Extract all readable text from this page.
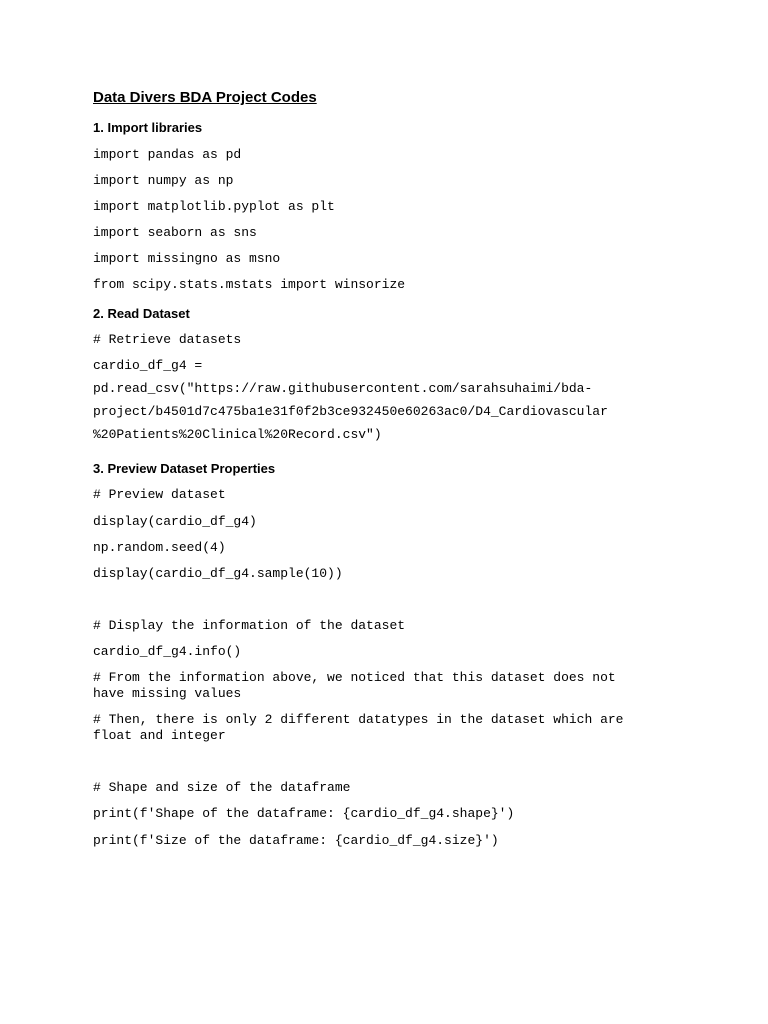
Data Divers BDA Project Codes
1. Import libraries
import pandas as pd
import numpy as np
import matplotlib.pyplot as plt
import seaborn as sns
import missingno as msno
from scipy.stats.mstats import winsorize
2. Read Dataset
# Retrieve datasets
cardio_df_g4 =
pd.read_csv("https://raw.githubusercontent.com/sarahsuhaimi/bda-
project/b4501d7c475ba1e31f0f2b3ce932450e60263ac0/D4_Cardiovascular
%20Patients%20Clinical%20Record.csv")
3. Preview Dataset Properties
# Preview dataset
display(cardio_df_g4)
np.random.seed(4)
display(cardio_df_g4.sample(10))
# Display the information of the dataset
cardio_df_g4.info()
# From the information above, we noticed that this dataset does not
have missing values
# Then, there is only 2 different datatypes in the dataset which are
float and integer
# Shape and size of the dataframe
print(f'Shape of the dataframe: {cardio_df_g4.shape}')
print(f'Size of the dataframe: {cardio_df_g4.size}')
